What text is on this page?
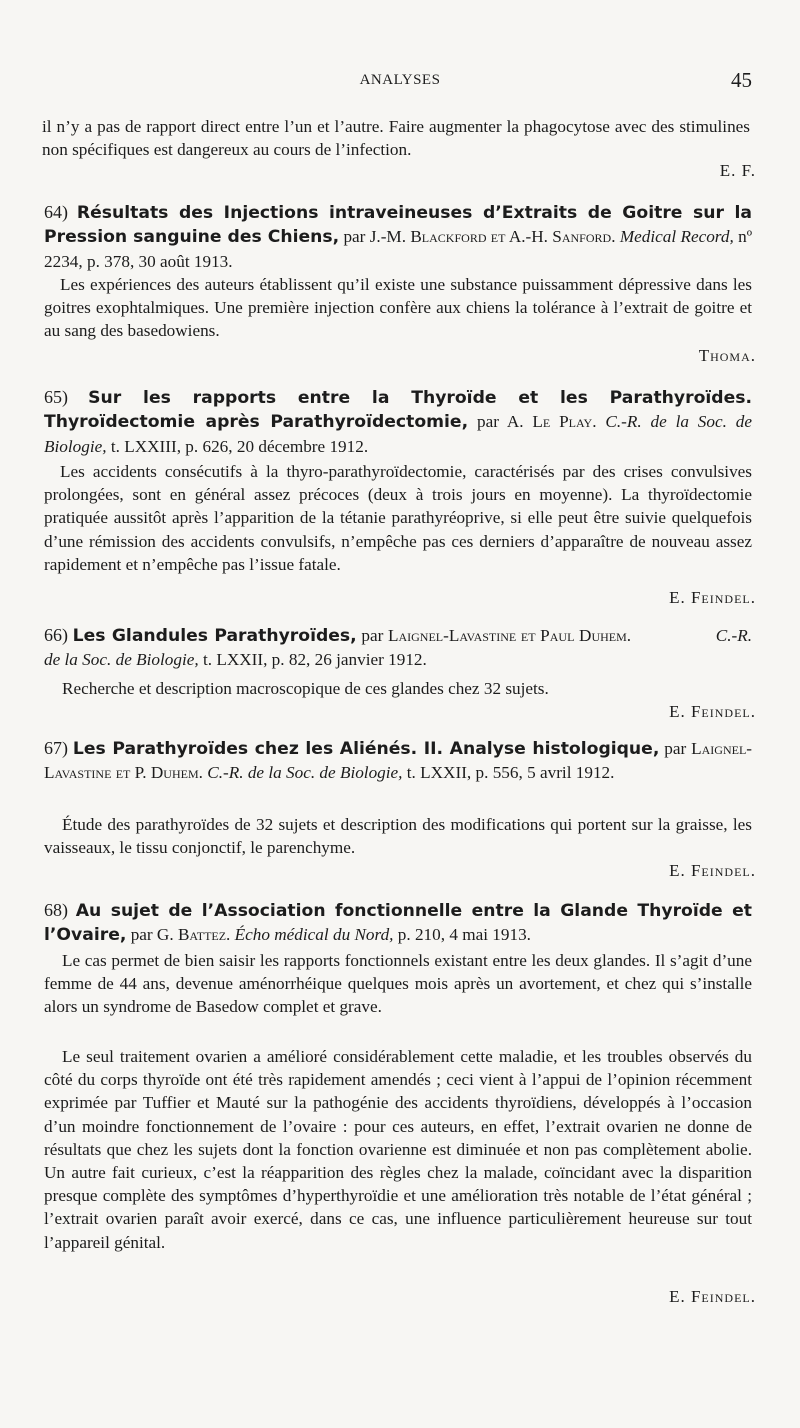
ANALYSES	45

il n’y a pas de rapport direct entre l’un et l’autre. Faire augmenter la phagocytose avec des stimulines non spécifiques est dangereux au cours de l’infection.

E. F.
64) Résultats des Injections intraveineuses d’Extraits de Goitre sur la Pression sanguine des Chiens, par J.-M. Blackford et A.-H. Sanford. Medical Record, nº 2234, p. 378, 30 août 1913.

Les expériences des auteurs établissent qu’il existe une substance puissamment dépressive dans les goitres exophtalmiques. Une première injection confère aux chiens la tolérance à l’extrait de goitre et au sang des basedowiens.

Thoma.
65) Sur les rapports entre la Thyroïde et les Parathyroïdes. Thyroïdectomie après Parathyroïdectomie, par A. Le Play. C.-R. de la Soc. de Biologie, t. LXXIII, p. 626, 20 décembre 1912.

Les accidents consécutifs à la thyro-parathyroïdectomie, caractérisés par des crises convulsives prolongées, sont en général assez précoces (deux à trois jours en moyenne). La thyroïdectomie pratiquée aussitôt après l’apparition de la tétanie parathyréoprive, si elle peut être suivie quelquefois d’une rémission des accidents convulsifs, n’empêche pas ces derniers d’apparaître de nouveau assez rapidement et n’empêche pas l’issue fatale.

E. Feindel.
66) Les Glandules Parathyroïdes, par Laignel-Lavastine et Paul Duhem.	C.-R. de la Soc. de Biologie, t. LXXII, p. 82, 26 janvier 1912.

Recherche et description macroscopique de ces glandes chez 32 sujets.

E. Feindel.
67) Les Parathyroïdes chez les Aliénés. II. Analyse histologique, par Laignel-Lavastine et P. Duhem. C.-R. de la Soc. de Biologie, t. LXXII, p. 556, 5 avril 1912.

Étude des parathyroïdes de 32 sujets et description des modifications qui portent sur la graisse, les vaisseaux, le tissu conjonctif, le parenchyme.

E. Feindel.
68) Au sujet de l’Association fonctionnelle entre la Glande Thyroïde et l’Ovaire, par G. Battez. Écho médical du Nord, p. 210, 4 mai 1913.

Le cas permet de bien saisir les rapports fonctionnels existant entre les deux glandes. Il s’agit d’une femme de 44 ans, devenue aménorrhéique quelques mois après un avortement, et chez qui s’installe alors un syndrome de Basedow complet et grave.

Le seul traitement ovarien a amélioré considérablement cette maladie, et les troubles observés du côté du corps thyroïde ont été très rapidement amendés ; ceci vient à l’appui de l’opinion récemment exprimée par Tuffier et Mauté sur la pathogénie des accidents thyroïdiens, développés à l’occasion d’un moindre fonctionnement de l’ovaire : pour ces auteurs, en effet, l’extrait ovarien ne donne de résultats que chez les sujets dont la fonction ovarienne est diminuée et non pas complètement abolie. Un autre fait curieux, c’est la réapparition des règles chez la malade, coïncidant avec la disparition presque complète des symptômes d’hyperthyroïdie et une amélioration très notable de l’état général ; l’extrait ovarien paraît avoir exercé, dans ce cas, une influence particulièrement heureuse sur tout l’appareil génital.

E. Feindel.
